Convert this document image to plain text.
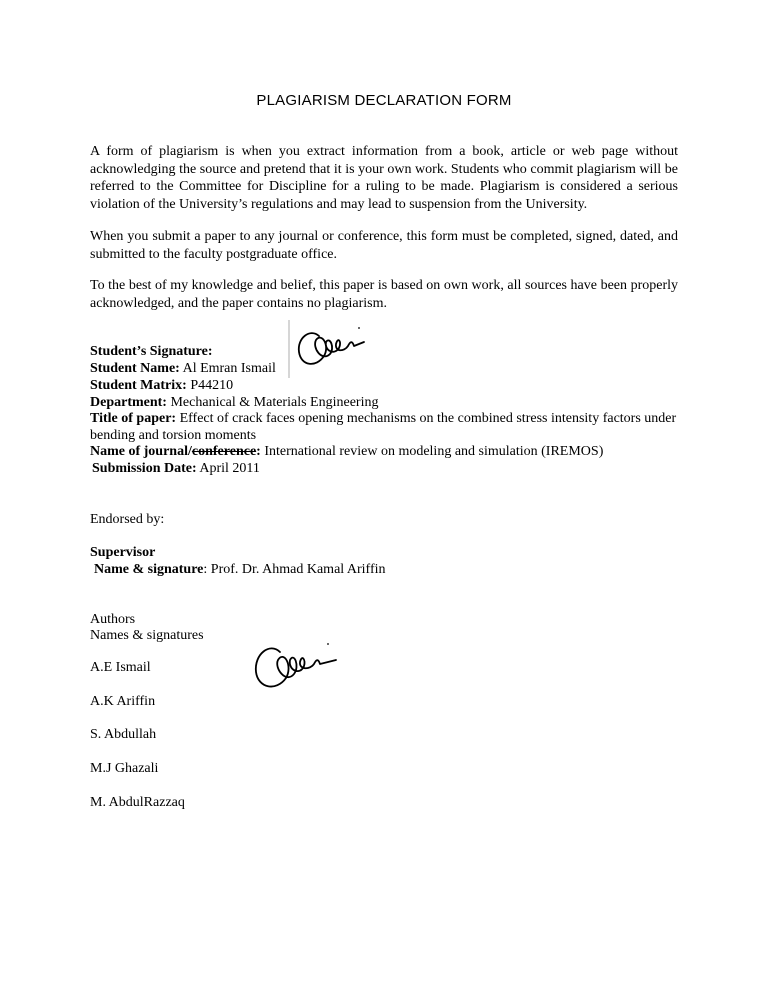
PLAGIARISM DECLARATION FORM

A form of plagiarism is when you extract information from a book, article or web page without acknowledging the source and pretend that it is your own work. Students who commit plagiarism will be referred to the Committee for Discipline for a ruling to be made. Plagiarism is considered a serious violation of the University’s regulations and may lead to suspension from the University.

When you submit a paper to any journal or conference, this form must be completed, signed, dated, and submitted to the faculty postgraduate office.

To the best of my knowledge and belief, this paper is based on own work, all sources have been properly acknowledged, and the paper contains no plagiarism.

Student’s Signature:
Student Name: Al Emran Ismail
Student Matrix: P44210
Department: Mechanical & Materials Engineering
Title of paper: Effect of crack faces opening mechanisms on the combined stress intensity factors under bending and torsion moments
Name of journal/conference: International review on modeling and simulation (IREMOS)
Submission Date: April 2011
Endorsed by:
Supervisor
Name & signature: Prof. Dr. Ahmad Kamal Ariffin
Authors
Names & signatures
A.E Ismail
A.K Ariffin
S. Abdullah
M.J Ghazali
M. AbdulRazzaq
